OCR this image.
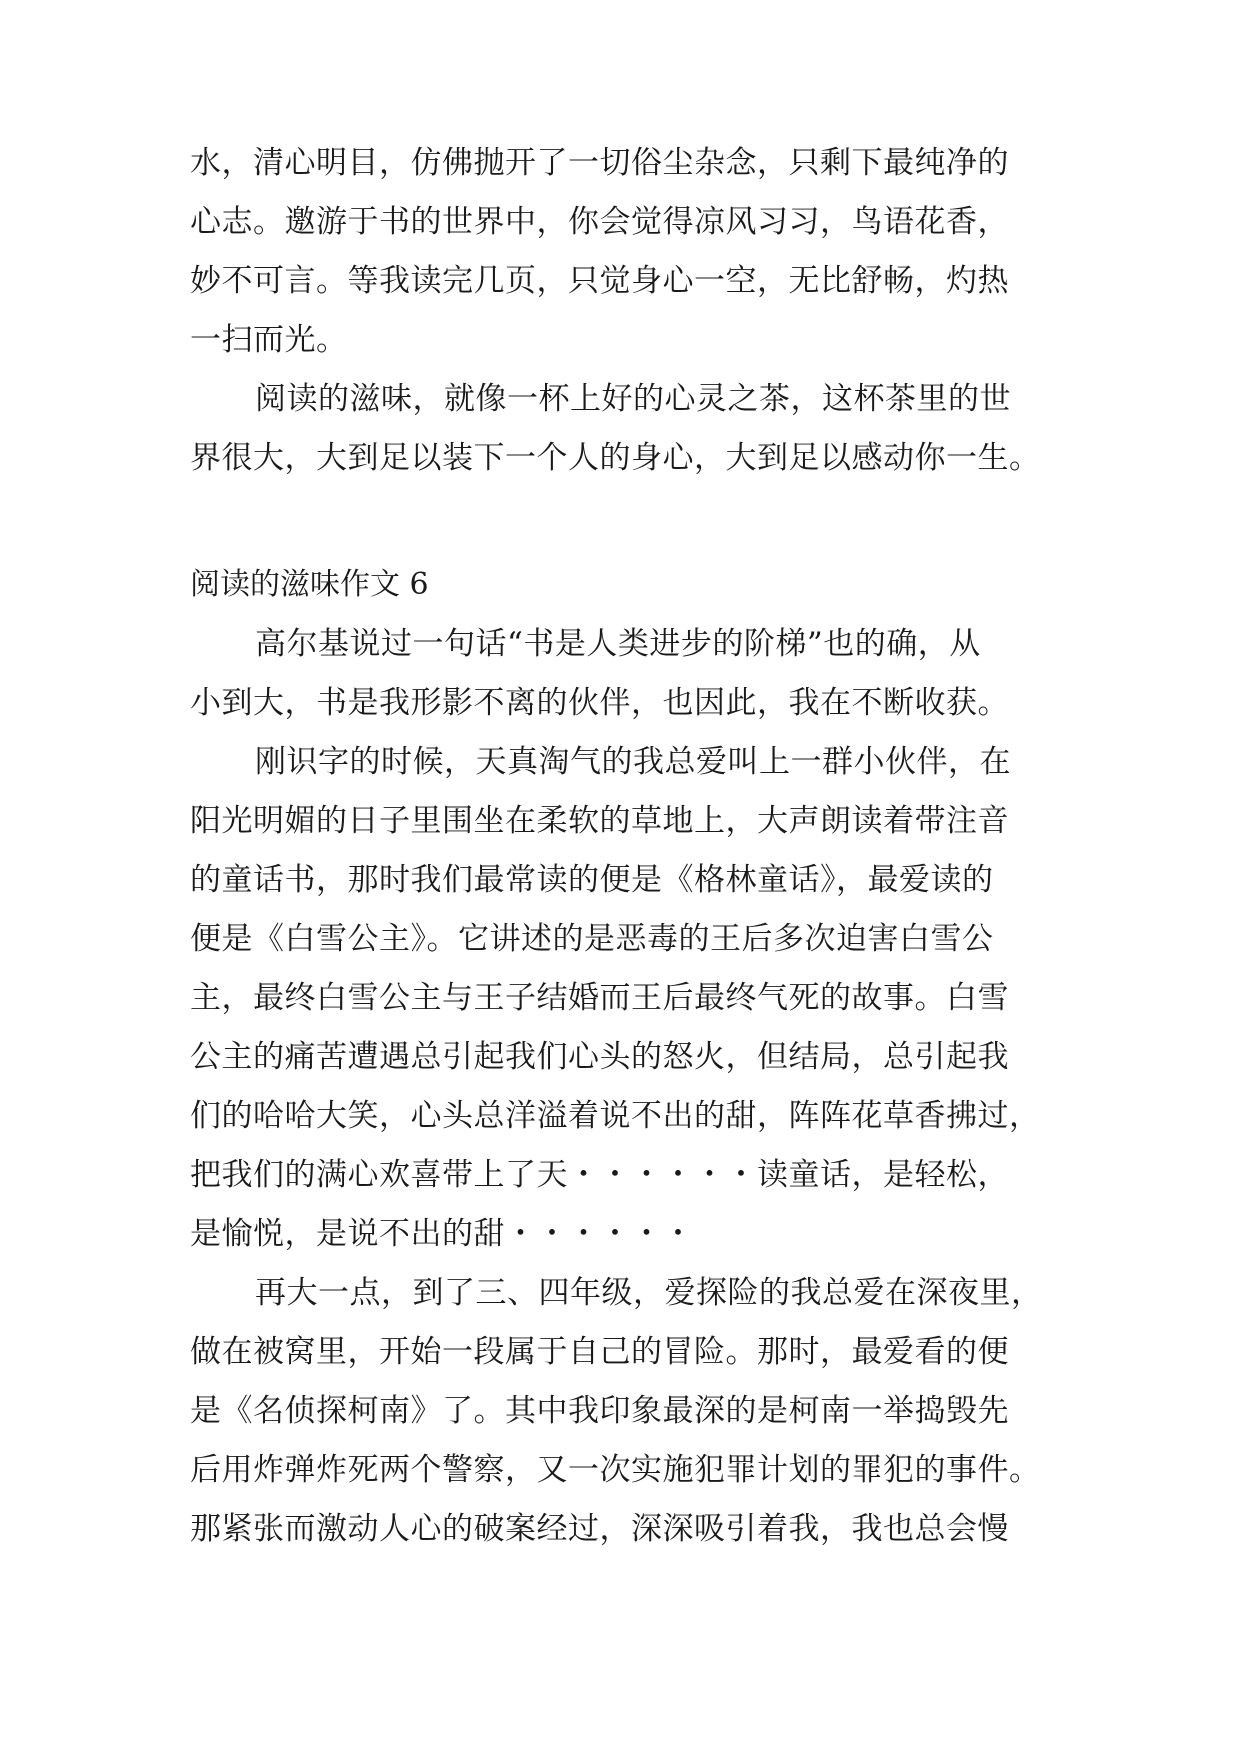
水，清心明目，仿佛抛开了一切俗尘杂念，只剩下最纯净的
心志。邀游于书的世界中，你会觉得凉风习习，鸟语花香，
妙不可言。等我读完几页，只觉身心一空，无比舒畅，灼热
一扫而光。
阅读的滋味，就像一杯上好的心灵之茶，这杯茶里的世
界很大，大到足以装下一个人的身心，大到足以感动你一生。
阅读的滋味作文 6
高尔基说过一句话“书是人类进步的阶梯”也的确，从
小到大，书是我形影不离的伙伴，也因此，我在不断收获。
刚识字的时候，天真淘气的我总爱叫上一群小伙伴，在
阳光明媚的日子里围坐在柔软的草地上，大声朗读着带注音
的童话书，那时我们最常读的便是《格林童话》，最爱读的
便是《白雪公主》。它讲述的是恶毒的王后多次迫害白雪公
主，最终白雪公主与王子结婚而王后最终气死的故事。白雪
公主的痛苦遭遇总引起我们心头的怒火，但结局，总引起我
们的哈哈大笑，心头总洋溢着说不出的甜，阵阵花草香拂过，
把我们的满心欢喜带上了天・・・・・・读童话，是轻松，
是愉悦，是说不出的甜・・・・・・
再大一点，到了三、四年级，爱探险的我总爱在深夜里，
做在被窝里，开始一段属于自己的冒险。那时，最爱看的便
是《名侦探柯南》了。其中我印象最深的是柯南一举捣毁先
后用炸弹炸死两个警察，又一次实施犯罪计划的罪犯的事件。
那紧张而激动人心的破案经过，深深吸引着我，我也总会慢
